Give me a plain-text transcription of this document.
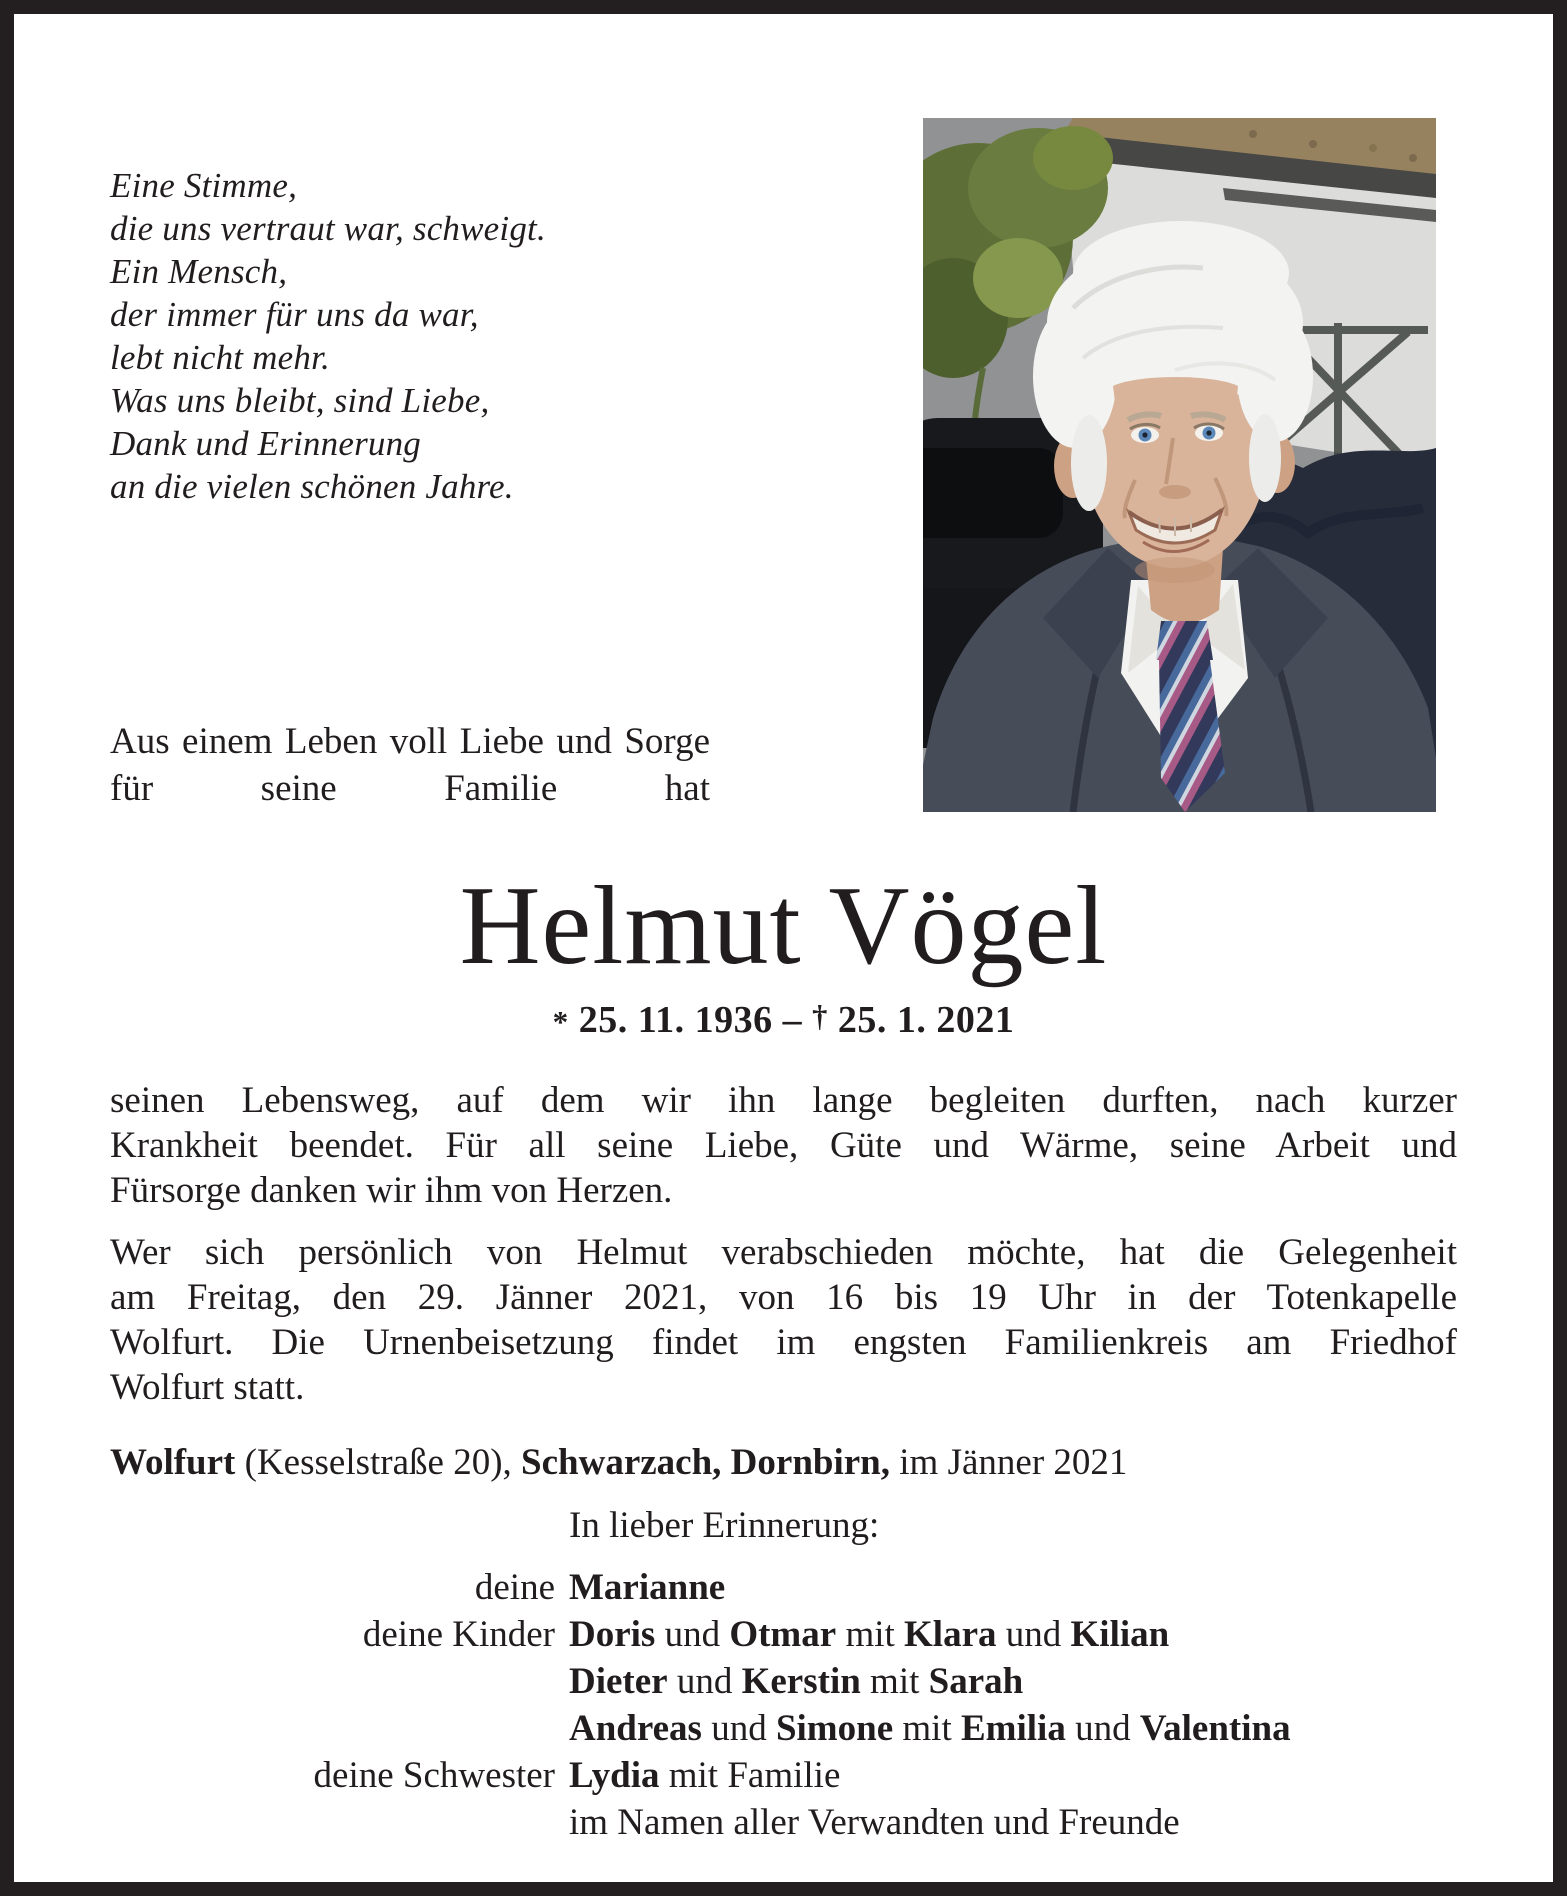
Eine Stimme,
die uns vertraut war, schweigt.
Ein Mensch,
der immer für uns da war,
lebt nicht mehr.
Was uns bleibt, sind Liebe,
Dank und Erinnerung
an die vielen schönen Jahre.
Aus einem Leben voll Liebe und Sorge
für seine Familie hat
Helmut Vögel
* 25. 11. 1936 – † 25. 1. 2021
seinen Lebensweg, auf dem wir ihn lange begleiten durften, nach kurzer
Krankheit beendet. Für all seine Liebe, Güte und Wärme, seine Arbeit und
Fürsorge danken wir ihm von Herzen.
Wer sich persönlich von Helmut verabschieden möchte, hat die Gelegenheit
am Freitag, den 29. Jänner 2021, von 16 bis 19 Uhr in der Totenkapelle
Wolfurt. Die Urnenbeisetzung findet im engsten Familienkreis am Friedhof
Wolfurt statt.
Wolfurt (Kesselstraße 20), Schwarzach, Dornbirn, im Jänner 2021
In lieber Erinnerung:
deine Marianne
deine Kinder Doris und Otmar mit Klara und Kilian
Dieter und Kerstin mit Sarah
Andreas und Simone mit Emilia und Valentina
deine Schwester Lydia mit Familie
im Namen aller Verwandten und Freunde
